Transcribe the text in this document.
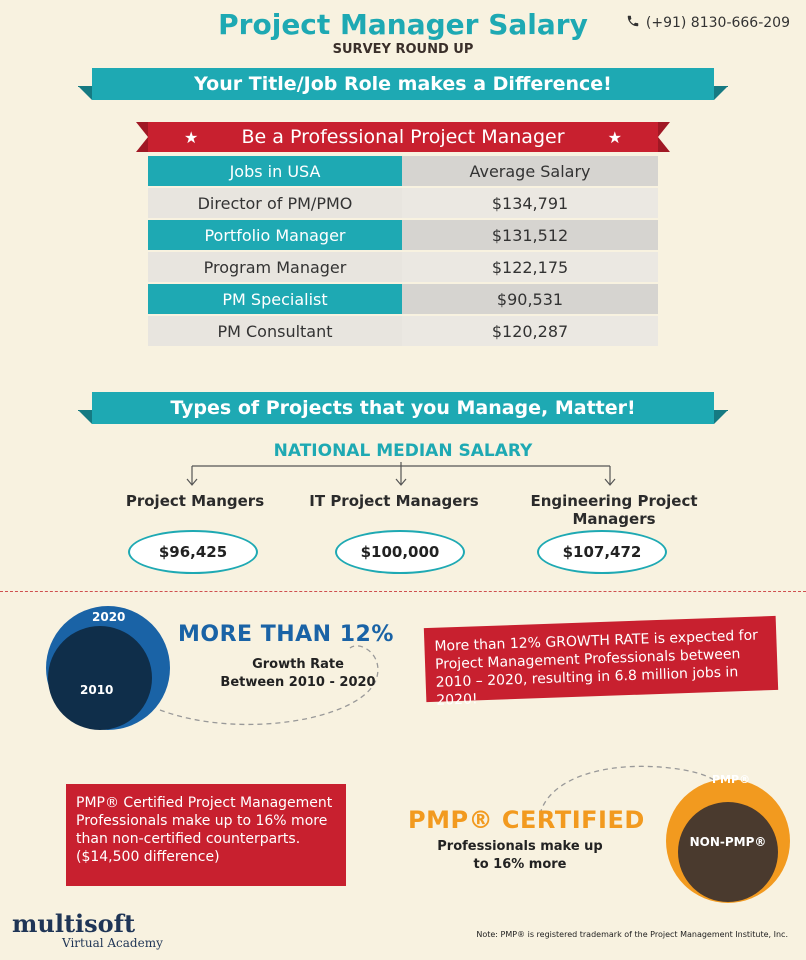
Project Manager Salary
SURVEY ROUND UP
(+91) 8130-666-209
Your Title/Job Role makes a Difference!
★ Be a Professional Project Manager	★
Jobs in USA	Average Salary
Director of PM/PMO	$134,791
Portfolio Manager	$131,512
Program Manager	$122,175
PM Specialist	$90,531
PM Consultant	$120,287
Types of Projects that you Manage, Matter!
NATIONAL MEDIAN SALARY
Project Mangers	IT Project Managers	Engineering Project Managers
$96,425	$100,000	$107,472
2020
2010
MORE THAN 12%
Growth Rate
Between 2010 - 2020
More than 12% GROWTH RATE is expected for Project Management Professionals between 2010 – 2020, resulting in 6.8 million jobs in 2020!
PMP® Certified Project Management Professionals make up to 16% more than non-certified counterparts. ($14,500 difference)
PMP®
NON-PMP®
PMP® CERTIFIED
Professionals make up
to 16% more
multisoft
Virtual Academy
Note: PMP® is registered trademark of the Project Management Institute, Inc.
